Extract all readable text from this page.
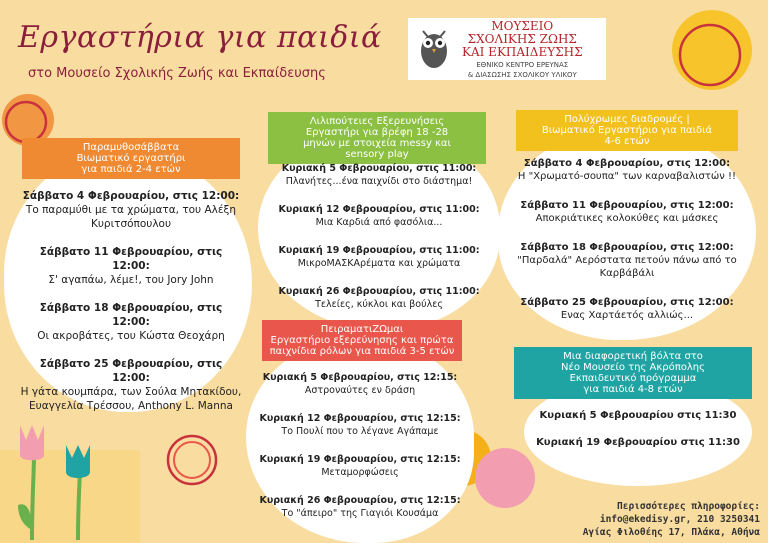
Εργαστήρια για παιδιά
στο Μουσείο Σχολικής Ζωής και Εκπαίδευσης
ΜΟΥΣΕΙΟ
ΣΧΟΛΙΚΗΣ ΖΩΗΣ
ΚΑΙ ΕΚΠΑΙΔΕΥΣΗΣ
ΕΘΝΙΚΟ ΚΕΝΤΡΟ ΕΡΕΥΝΑΣ
& ΔΙΑΣΩΣΗΣ ΣΧΟΛΙΚΟΥ ΥΛΙΚΟΥ
Παραμυθοσάββατα
Βιωματικό εργαστήρι
για παιδιά 2-4 ετών
Σάββατο 4 Φεβρουαρίου, στις 12:00:
Το παραμύθι με τα χρώματα, του Αλέξη Κυριτσόπουλου
Σάββατο 11 Φεβρουαρίου, στις 12:00:
Σ' αγαπάω, λέμε!, του Jory John
Σάββατο 18 Φεβρουαρίου, στις 12:00:
Οι ακροβάτες, του Κώστα Θεοχάρη
Σάββατο 25 Φεβρουαρίου, στις 12:00:
Η γάτα κουμπάρα, των Σούλα Μητακίδου, Ευαγγελία Τρέσσου, Anthony L. Manna
Λιλιπούτειες Εξερευνήσεις
Εργαστήρι για βρέφη 18 -28
μηνών με στοιχεία messy και
sensory play
Κυριακή 5 Φεβρουαρίου, στις 11:00:
Πλανήτες...ένα παιχνίδι στο διάστημα!
Κυριακή 12 Φεβρουαρίου, στις 11:00:
Μια Καρδιά από φασόλια...
Κυριακή 19 Φεβρουαρίου, στις 11:00:
ΜικροΜΑΣΚΑρέματα και χρώματα
Κυριακή 26 Φεβρουαρίου, στις 11:00:
Τελείες, κύκλοι και βούλες
Πολύχρωμες διαδρομές |
Βιωματικό Εργαστήριο για παιδιά
4-6 ετών
Σάββατο 4 Φεβρουαρίου, στις 12:00:
Η "Χρωματό-σουπα" των καρναβαλιστών !!
Σάββατο 11 Φεβρουαρίου, στις 12:00:
Αποκριάτικες κολοκύθες και μάσκες
Σάββατο 18 Φεβρουαρίου, στις 12:00:
"Παρδαλά" Αερόστατα πετούν πάνω από το Καρβάβάλι
Σάββατο 25 Φεβρουαρίου, στις 12:00:
Ενας Χαρτάετός αλλιώς...
ΠειραματιΖΩμαι
Εργαστήριο εξερεύνησης και πρώτα
παιχνίδια ρόλων για παιδιά 3-5 ετών
Κυριακή 5 Φεβρουαρίου, στις 12:15:
Αστροναύτες εν δράση
Κυριακή 12 Φεβρουαρίου, στις 12:15:
Το Πουλί που το λέγανε Αγάπαμε
Κυριακή 19 Φεβρουαρίου, στις 12:15:
Μεταμορφώσεις
Κυριακή 26 Φεβρουαρίου, στις 12:15:
Το "άπειρο" της Γιαγιόι Κουσάμα
Μια διαφορετική βόλτα στο
Νέο Μουσείο της Ακρόπολης
Εκπαιδευτικό πρόγραμμα
για παιδιά 4-8 ετών
Κυριακή 5 Φεβρουαρίου στις 11:30
Κυριακή 19 Φεβρουαρίου στις 11:30
Περισσότερες πληροφορίες:
info@ekedisy.gr, 210 3250341
Αγίας Φιλοθέης 17, Πλάκα, Αθήνα
